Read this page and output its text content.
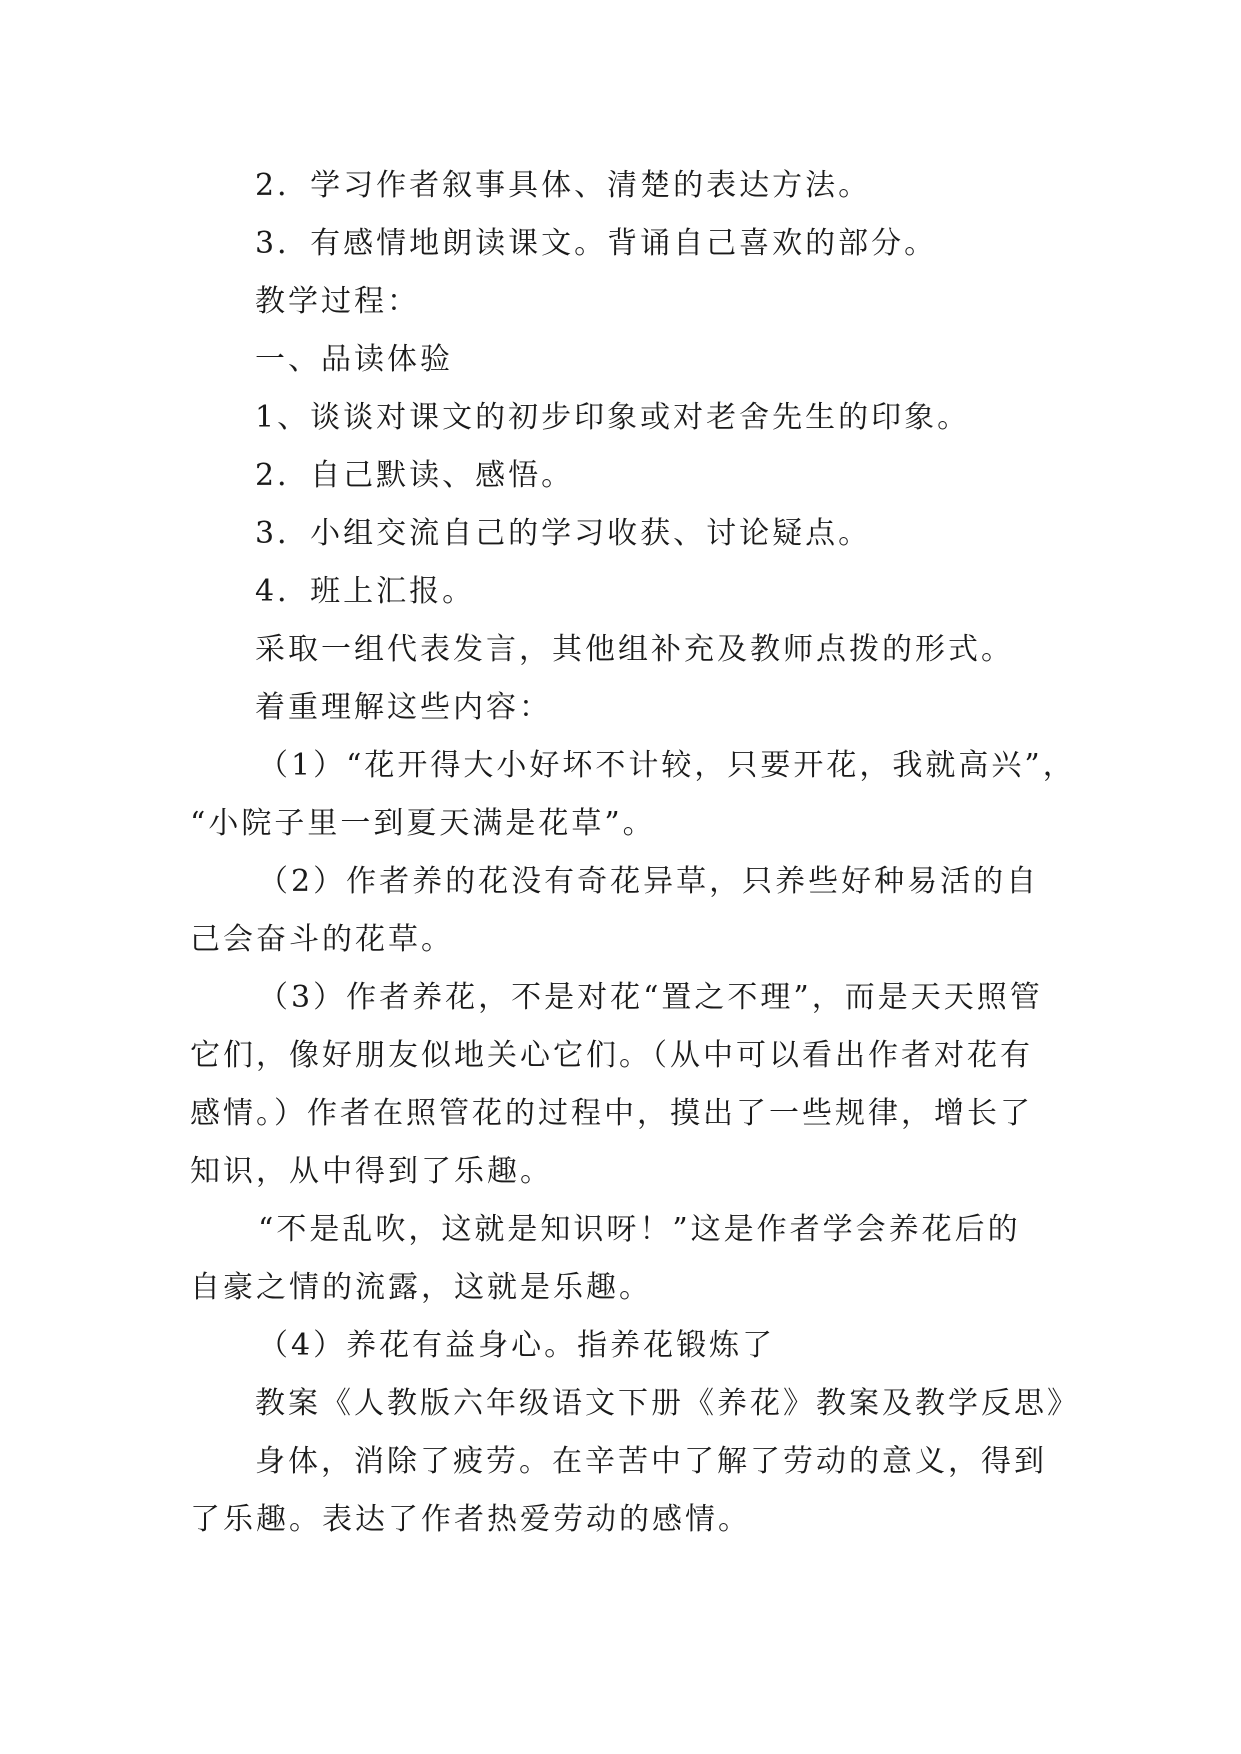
2．学习作者叙事具体、清楚的表达方法。
3．有感情地朗读课文。背诵自己喜欢的部分。
教学过程：
一、品读体验
1、谈谈对课文的初步印象或对老舍先生的印象。
2．自己默读、感悟。
3．小组交流自己的学习收获、讨论疑点。
4．班上汇报。
采取一组代表发言，其他组补充及教师点拨的形式。
着重理解这些内容：
（1）“花开得大小好坏不计较，只要开花，我就高兴”，
“小院子里一到夏天满是花草”。
（2）作者养的花没有奇花异草，只养些好种易活的自
己会奋斗的花草。
（3）作者养花，不是对花“置之不理”，而是天天照管
它们，像好朋友似地关心它们。（从中可以看出作者对花有
感情。）作者在照管花的过程中，摸出了一些规律，增长了
知识，从中得到了乐趣。
“不是乱吹，这就是知识呀！”这是作者学会养花后的
自豪之情的流露，这就是乐趣。
（4）养花有益身心。指养花锻炼了
教案《人教版六年级语文下册《养花》教案及教学反思》
身体，消除了疲劳。在辛苦中了解了劳动的意义，得到
了乐趣。表达了作者热爱劳动的感情。
